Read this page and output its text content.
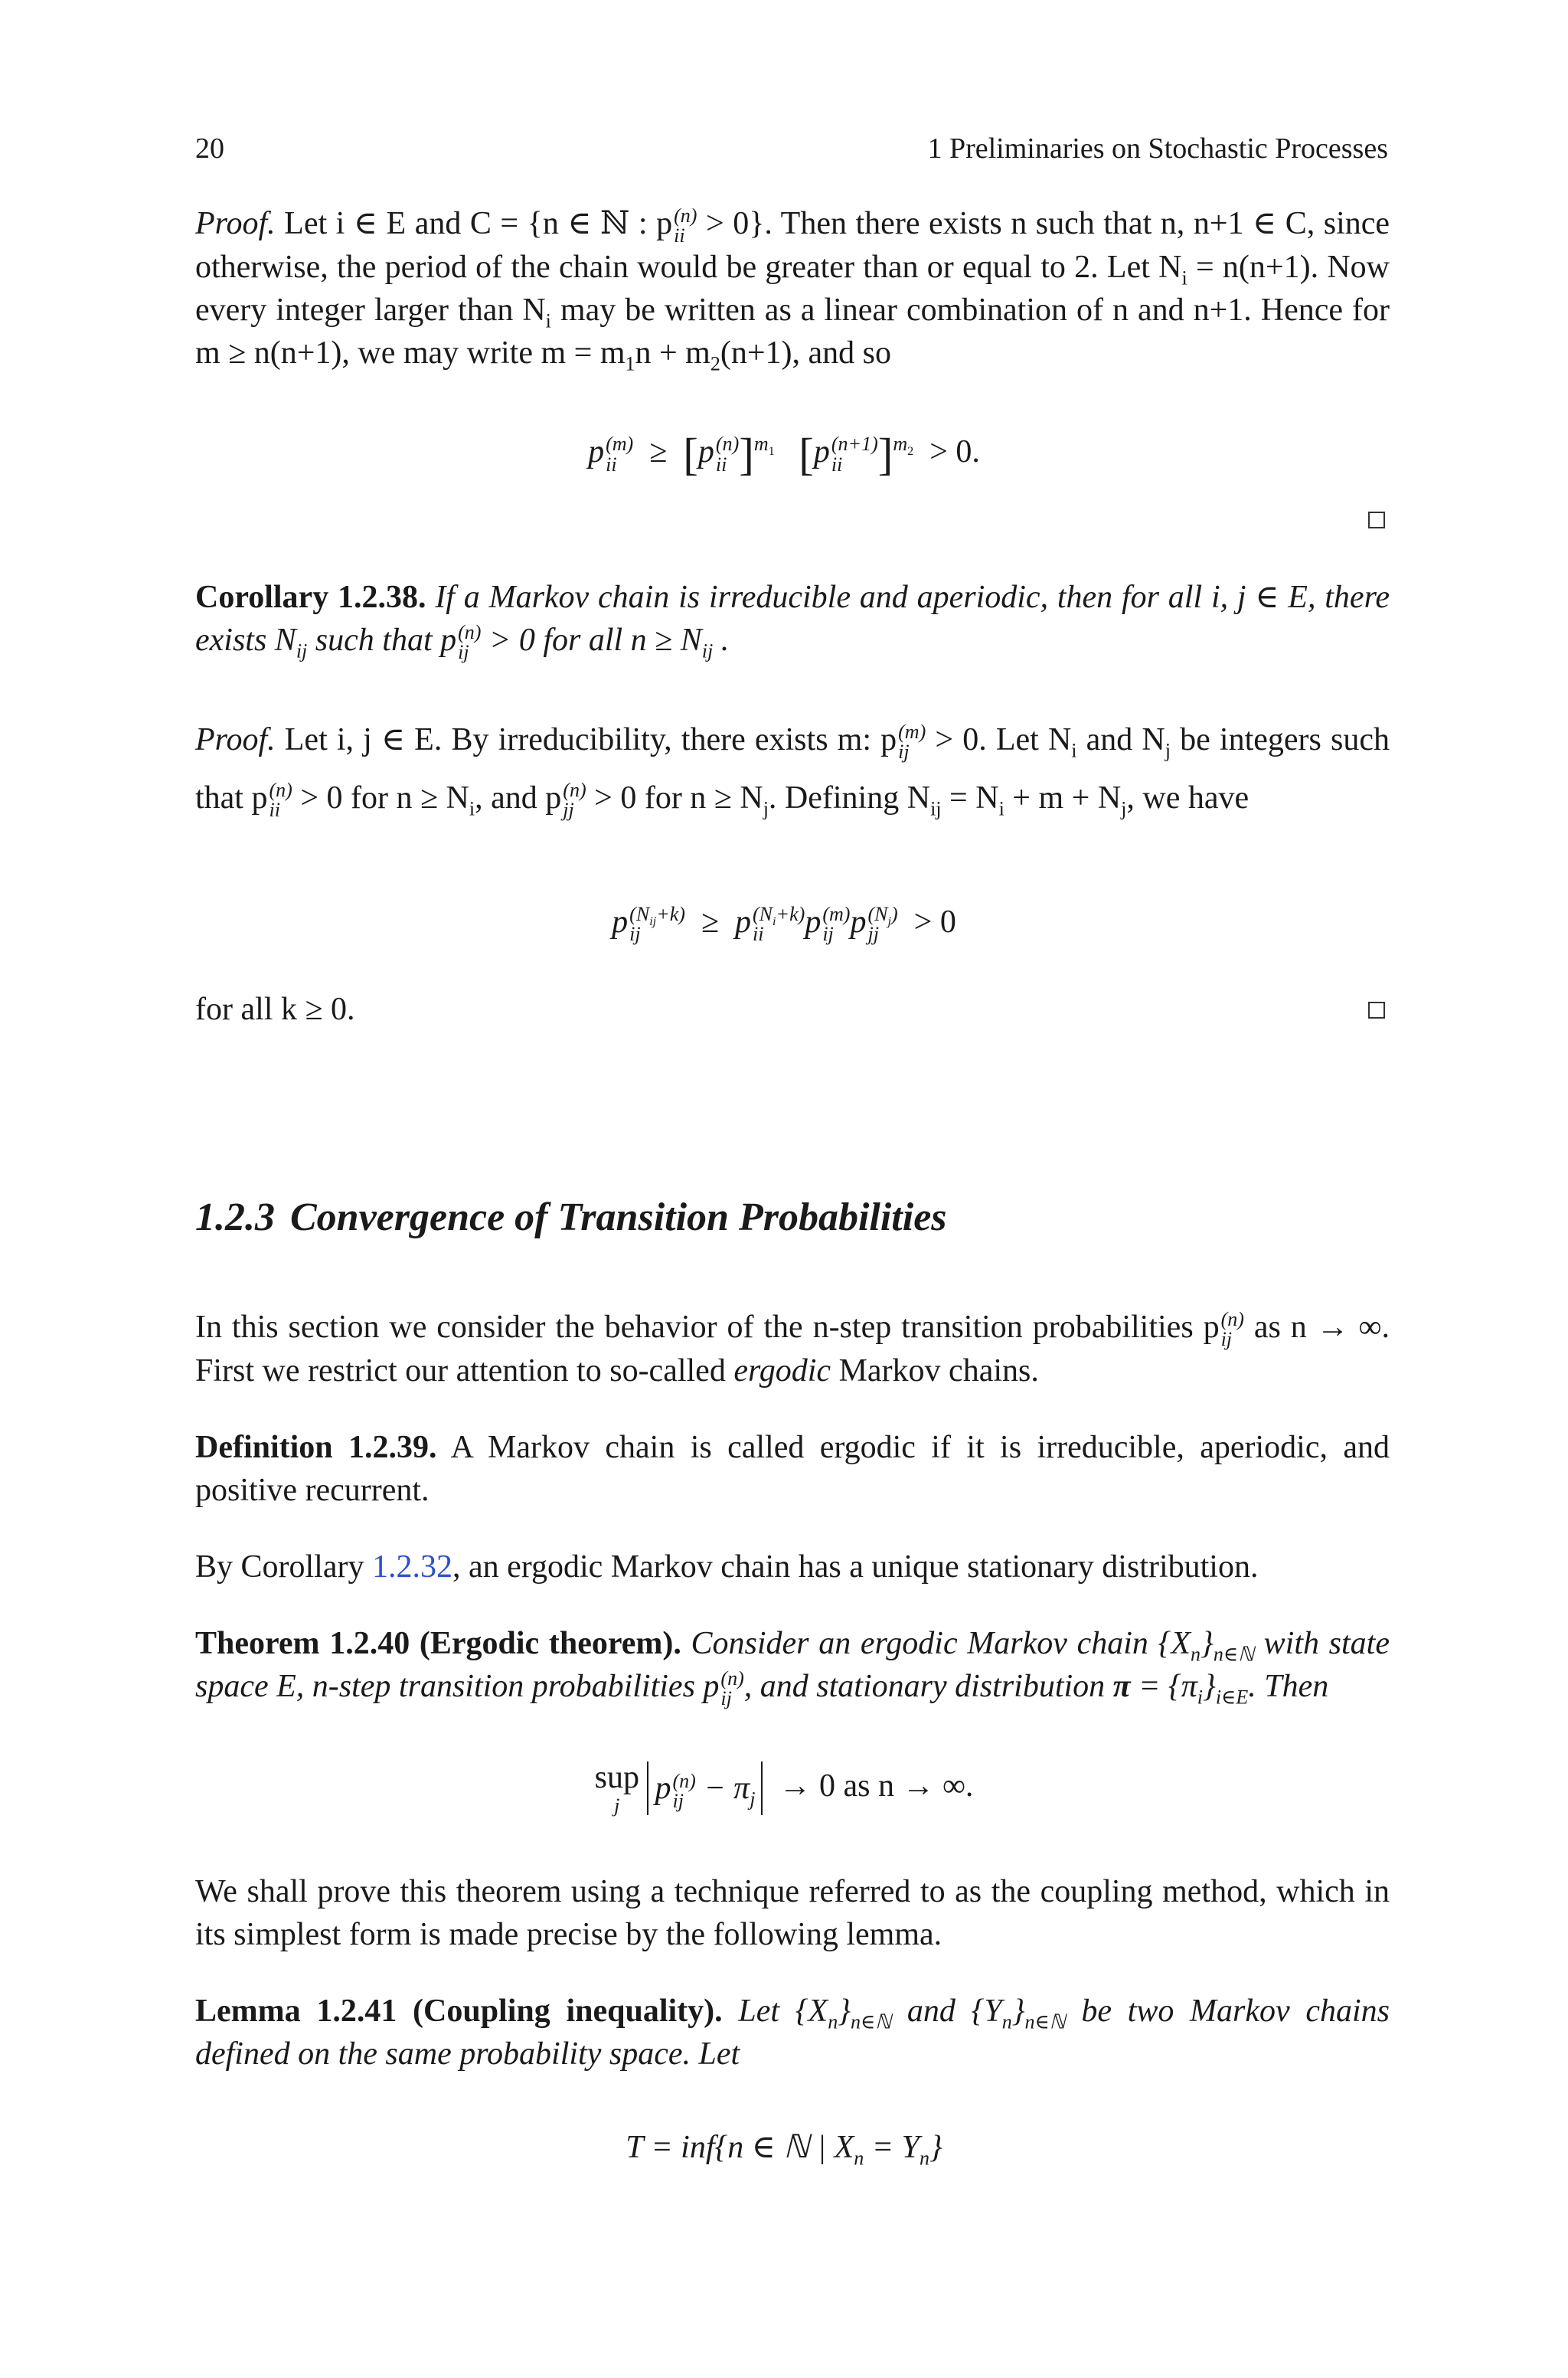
20	1 Preliminaries on Stochastic Processes

Proof. Let i ∈ E and C = {n ∈ ℕ : p (n)
ii > 0}. Then there exists n such that n, n+1 ∈ C, since otherwise, the period of the chain would be greater than or equal to 2. Let $N_i = n(n+1)$. Now every integer larger than $N_i$ may be written as a linear combination of n and n+1. Hence for m ≥ n(n+1), we may write $m = m_1n + m_2(n+1)$, and so

p (m)
ii ≥  [p (n)
ii ]$^{m_1}$ [p (n+1)
ii ]$^{m_2}$ > 0.

Corollary 1.2.38. If a Markov chain is irreducible and aperiodic, then for all i, j ∈ E, there exists $N_{ij}$ such that p (n)
ij > 0 for all $n \ge N_{ij}$ .

Proof. Let i, j ∈ E. By irreducibility, there exists m: p (m)
ij > 0. Let $N_i$ and $N_j$ be integers such that p (n)
ii > 0 for $n \ge N_i$, and p (n)
jj > 0 for $n \ge N_j$. Defining $N_{ij} = N_i + m + N_j$, we have

p $(N_{ij}+k)$
ij	≥  p $(N_i+k)$
ii	p (m)
ij p $(N_j)$
jj	> 0

for all k ≥ 0.

1.2.3 Convergence of Transition Probabilities

In this section we consider the behavior of the n-step transition probabilities p (n)
ij as n → ∞. First we restrict our attention to so-called ergodic Markov chains.

Definition 1.2.39. A Markov chain is called ergodic if it is irreducible, aperiodic, and positive recurrent.

By Corollary 1.2.32, an ergodic Markov chain has a unique stationary distribution.

Theorem 1.2.40 (Ergodic theorem). Consider an ergodic Markov chain $\{X_n\}_{n\in ℕ}$ with state space E, n-step transition probabilities p (n)
ij , and stationary distribution $\pi = \{\pi_i\}_{i\in E}$. Then

sup
j p (n)
ij − $\pi_j \to 0$ as n → ∞.

We shall prove this theorem using a technique referred to as the coupling method, which in its simplest form is made precise by the following lemma.

Lemma 1.2.41 (Coupling inequality). Let $\{X_n\}_{n\in ℕ}$ and $\{Y_n\}_{n\in ℕ}$ be two Markov chains defined on the same probability space. Let

T = inf{n ∈ ℕ | $X_n = Y_n$}
